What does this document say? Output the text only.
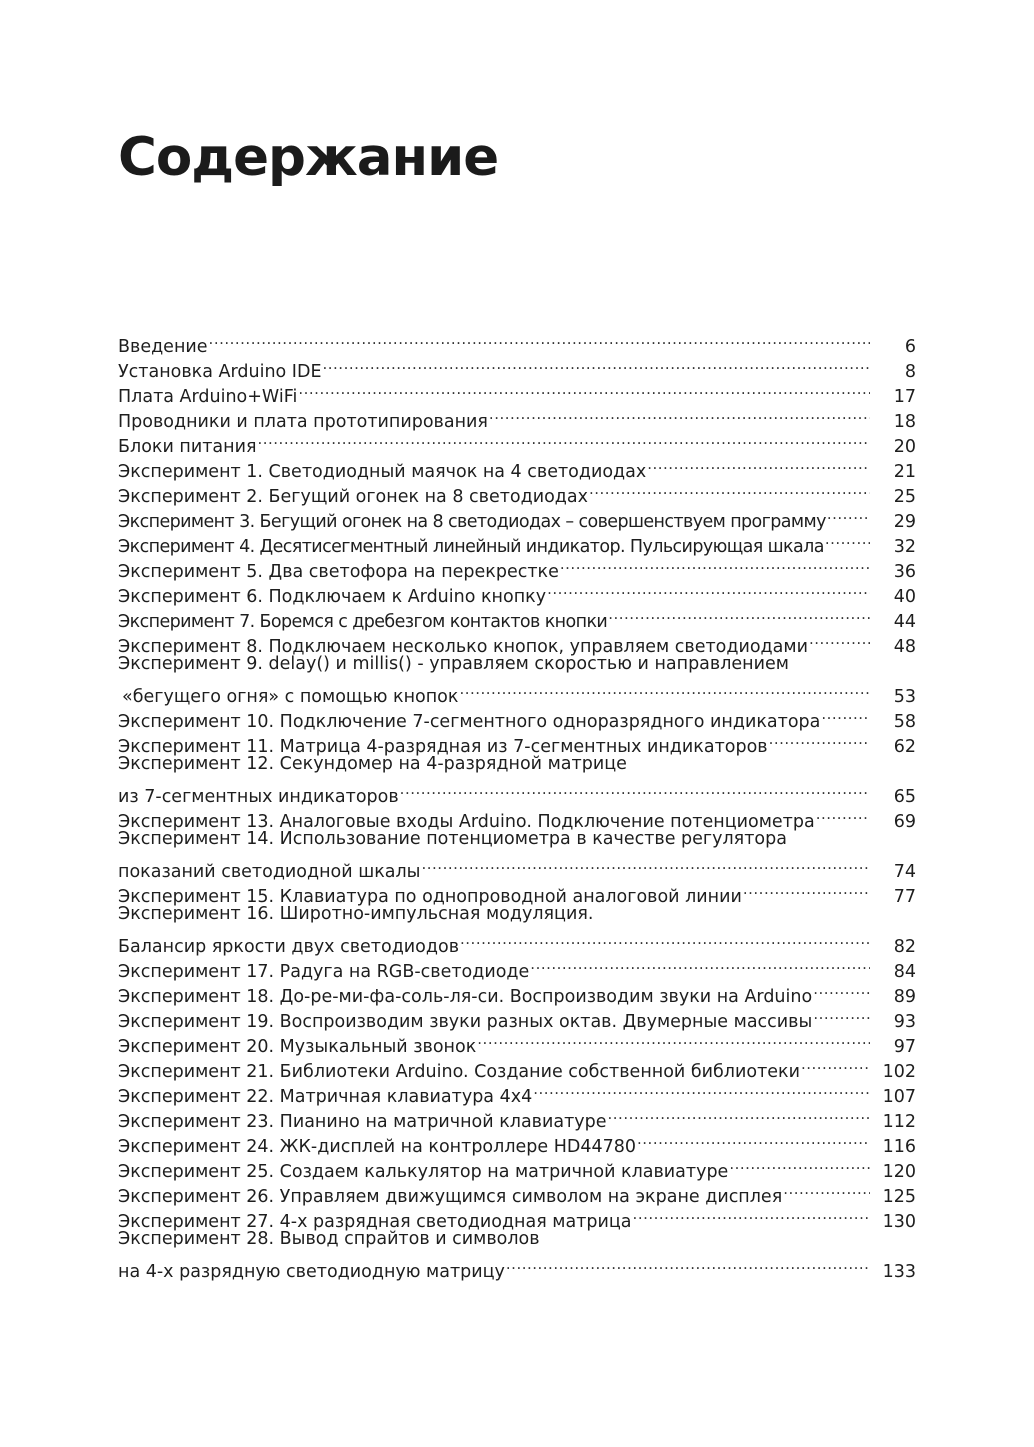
Содержание
Введение .....	6
Установка Arduino IDE .....	8
Плата Arduino+WiFi .....	17
Проводники и плата прототипирования .....	18
Блоки питания .....	20
Эксперимент 1. Светодиодный маячок на 4 светодиодах .....	21
Эксперимент 2. Бегущий огонек на 8 светодиодах .....	25
Эксперимент 3. Бегущий огонек на 8 светодиодах – совершенствуем программу .....	29
Эксперимент 4. Десятисегментный линейный индикатор. Пульсирующая шкала .....	32
Эксперимент 5. Два светофора на перекрестке .....	36
Эксперимент 6. Подключаем к Arduino кнопку .....	40
Эксперимент 7. Боремся с дребезгом контактов кнопки .....	44
Эксперимент 8. Подключаем несколько кнопок, управляем светодиодами .....	48
Эксперимент 9. delay() и millis() - управляем скоростью и направлением
«бегущего огня» с помощью кнопок .....	53
Эксперимент 10. Подключение 7-сегментного одноразрядного индикатора .....	58
Эксперимент 11. Матрица 4-разрядная из 7-сегментных индикаторов .....	62
Эксперимент 12. Секундомер на 4-разрядной матрице
из 7-сегментных индикаторов .....	65
Эксперимент 13. Аналоговые входы Arduino. Подключение потенциометра .....	69
Эксперимент 14. Использование потенциометра в качестве регулятора
показаний светодиодной шкалы .....	74
Эксперимент 15. Клавиатура по однопроводной аналоговой линии .....	77
Эксперимент 16. Широтно-импульсная модуляция.
Балансир яркости двух светодиодов .....	82
Эксперимент 17. Радуга на RGB-светодиоде .....	84
Эксперимент 18. До-ре-ми-фа-соль-ля-си. Воспроизводим звуки на Arduino .....	89
Эксперимент 19. Воспроизводим звуки разных октав. Двумерные массивы .....	93
Эксперимент 20. Музыкальный звонок .....	97
Эксперимент 21. Библиотеки Arduino. Создание собственной библиотеки .....	102
Эксперимент 22. Матричная клавиатура 4x4 .....	107
Эксперимент 23. Пианино на матричной клавиатуре .....	112
Эксперимент 24. ЖК-дисплей на контроллере HD44780 .....	116
Эксперимент 25. Создаем калькулятор на матричной клавиатуре .....	120
Эксперимент 26. Управляем движущимся символом на экране дисплея .....	125
Эксперимент 27. 4-х разрядная светодиодная матрица .....	130
Эксперимент 28. Вывод спрайтов и символов
на 4-х разрядную светодиодную матрицу .....	133
